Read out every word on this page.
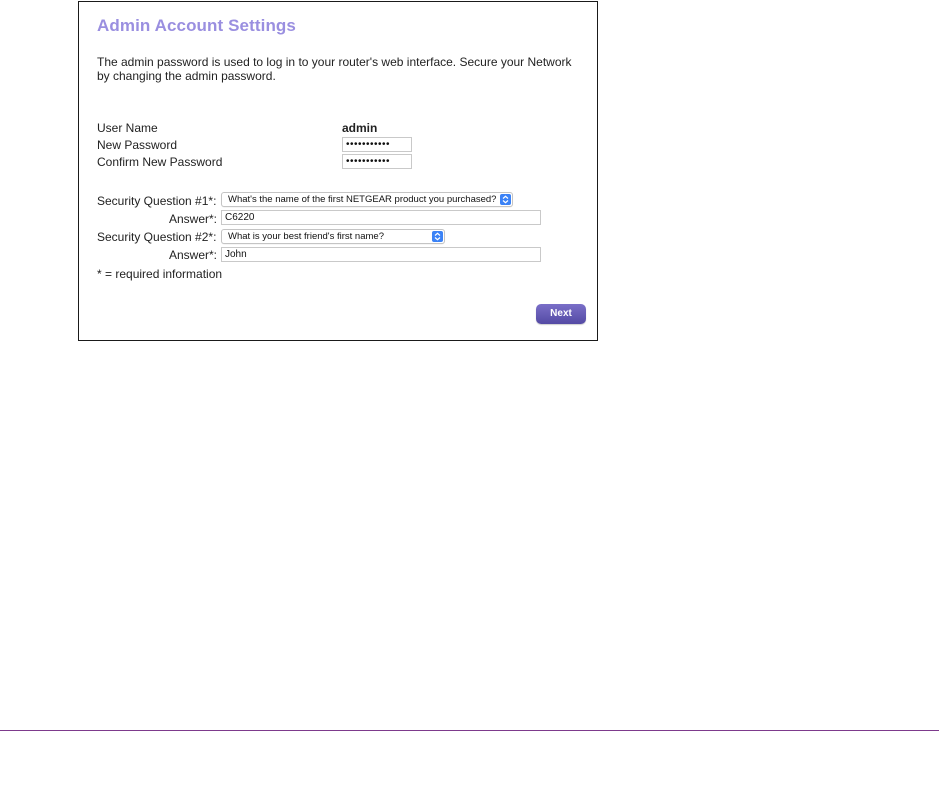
Admin Account Settings
The admin password is used to log in to your router's web interface. Secure your Network by changing the admin password.
User Name	admin
New Password	•••••••••••
Confirm New Password	•••••••••••
Security Question #1*:	What's the name of the first NETGEAR product you purchased?
Answer*: C6220
Security Question #2*:	What is your best friend's first name?
Answer*: John
* = required information
Next
